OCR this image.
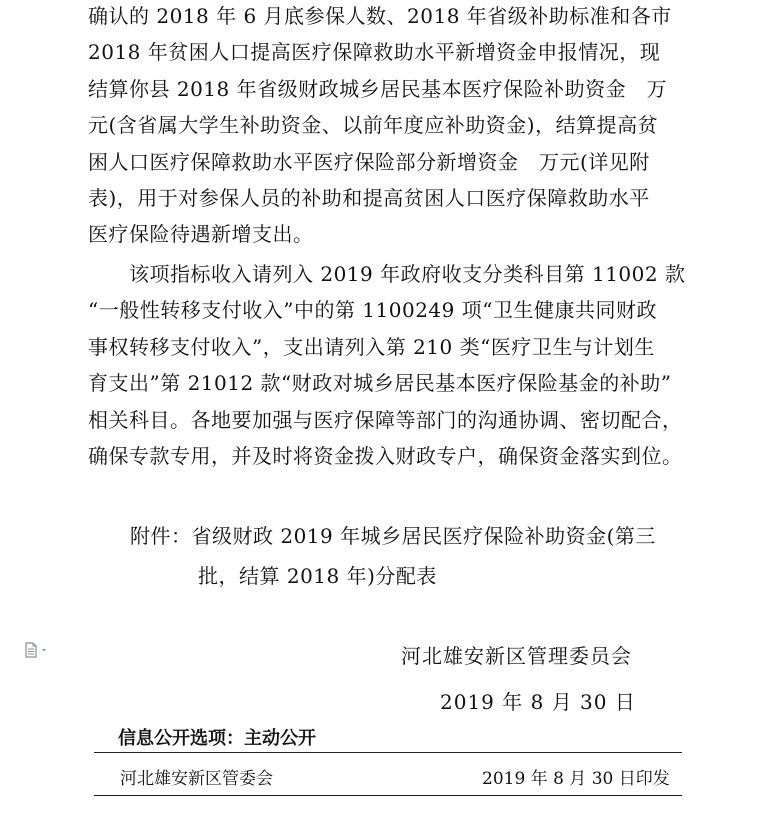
确认的 2018 年 6 月底参保人数、2018 年省级补助标准和各市
2018 年贫困人口提高医疗保障救助水平新增资金申报情况，现
结算你县 2018 年省级财政城乡居民基本医疗保险补助资金　万
元(含省属大学生补助资金、以前年度应补助资金)，结算提高贫
困人口医疗保障救助水平医疗保险部分新增资金　万元(详见附
表)，用于对参保人员的补助和提高贫困人口医疗保障救助水平
医疗保险待遇新增支出。
　　该项指标收入请列入 2019 年政府收支分类科目第 11002 款
“一般性转移支付收入”中的第 1100249 项“卫生健康共同财政
事权转移支付收入”，支出请列入第 210 类“医疗卫生与计划生
育支出”第 21012 款“财政对城乡居民基本医疗保险基金的补助”
相关科目。各地要加强与医疗保障等部门的沟通协调、密切配合，
确保专款专用，并及时将资金拨入财政专户，确保资金落实到位。
附件：省级财政 2019 年城乡居民医疗保险补助资金(第三
批，结算 2018 年)分配表
河北雄安新区管理委员会
2019 年 8 月 30 日
信息公开选项：主动公开
河北雄安新区管委会	2019 年 8 月 30 日印发
